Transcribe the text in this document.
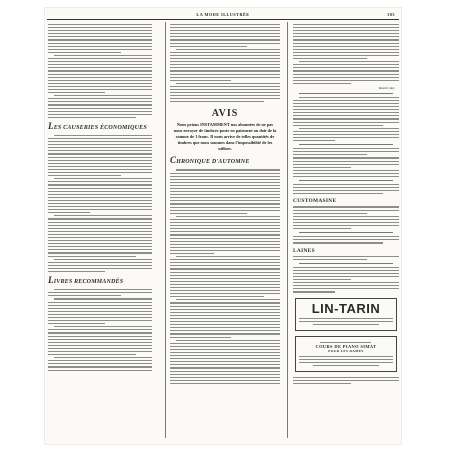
LA MODE ILLUSTRÉE	303
LES CAUSERIES ÉCONOMIQUES
LIVRES RECOMMANDÉS
AVIS
Nous prions INSTAMMENT nos abonnées de ne pas nous envoyer de timbres-poste en paiement ou doit de la somme de 1 franc. Il nous arrive de telles quantités de timbres que nous sommes dans l'impossibilité de les utiliser.
CHRONIQUE D'AUTOMNE
Maurice Roy.
CUSTOMASINE
LAINES
LIN-TARIN
COURS DE PIANO SIMAT
POUR LES DAMES
